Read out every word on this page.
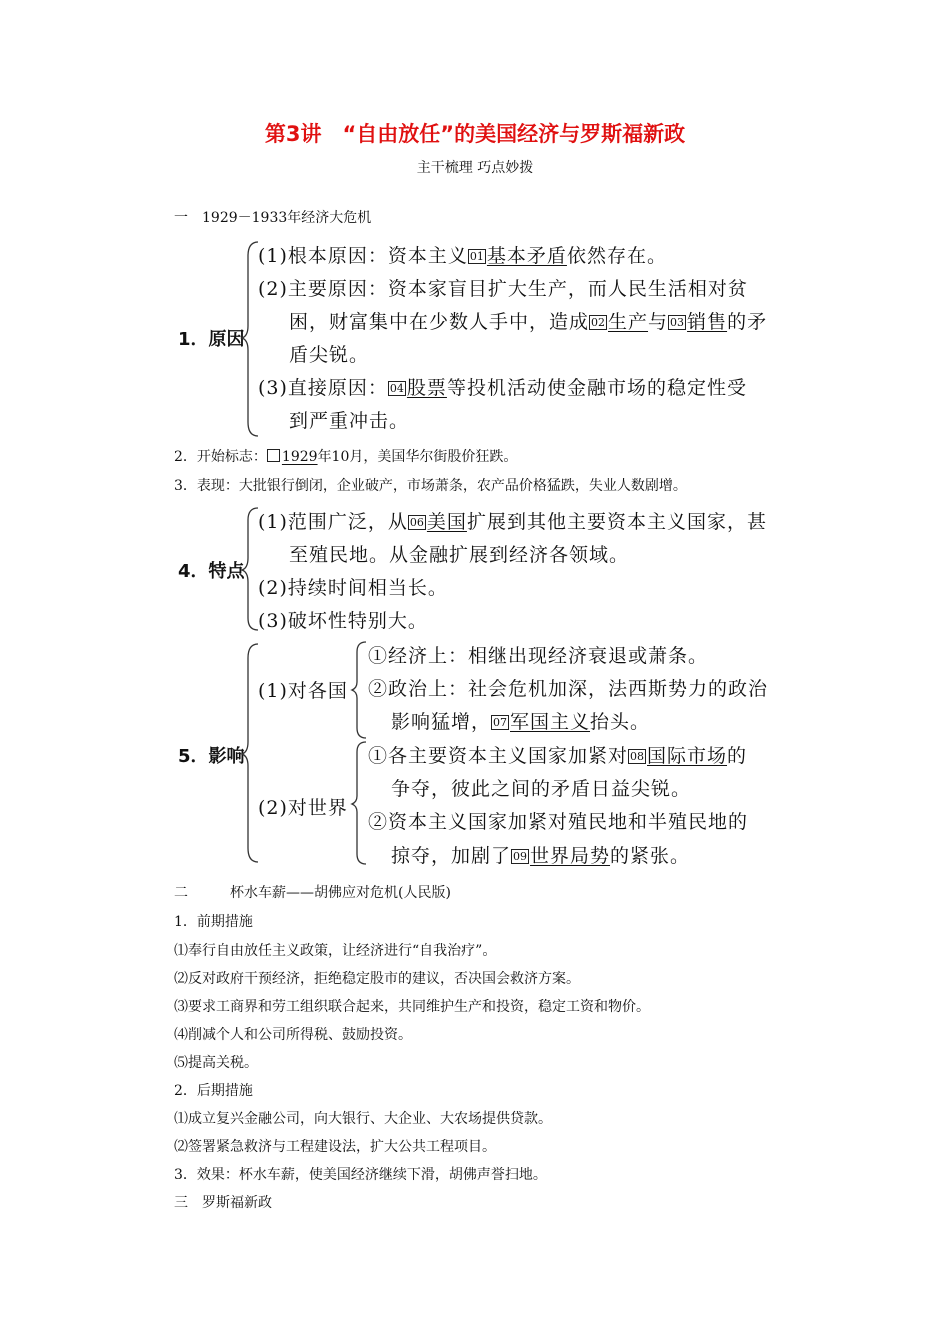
第3讲　“自由放任”的美国经济与罗斯福新政
主干梳理 巧点妙拨
一　1929－1933年经济大危机
1．原因
(1)根本原因：资本主义 01 基本矛盾依然存在。
(2)主要原因：资本家盲目扩大生产，而人民生活相对贫
困，财富集中在少数人手中，造成 02 生产与 03 销售的矛
盾尖锐。
(3)直接原因： 04 股票等投机活动使金融市场的稳定性受
到严重冲击。
2．开始标志： 1929年10月，美国华尔街股价狂跌。
3．表现：大批银行倒闭，企业破产，市场萧条，农产品价格猛跌，失业人数剧增。
4．特点
(1)范围广泛，从 06 美国扩展到其他主要资本主义国家，甚
至殖民地。从金融扩展到经济各领域。
(2)持续时间相当长。
(3)破坏性特别大。
5．影响
(1)对各国
①经济上：相继出现经济衰退或萧条。
②政治上：社会危机加深，法西斯势力的政治
影响猛增， 07 军国主义抬头。
(2)对世界
①各主要资本主义国家加紧对 08 国际市场的
争夺，彼此之间的矛盾日益尖锐。
②资本主义国家加紧对殖民地和半殖民地的
掠夺，加剧了 09 世界局势的紧张。
二　　　杯水车薪——胡佛应对危机(人民版)
1．前期措施
⑴奉行自由放任主义政策，让经济进行“自我治疗”。
⑵反对政府干预经济，拒绝稳定股市的建议，否决国会救济方案。
⑶要求工商界和劳工组织联合起来，共同维护生产和投资，稳定工资和物价。
⑷削减个人和公司所得税、鼓励投资。
⑸提高关税。
2．后期措施
⑴成立复兴金融公司，向大银行、大企业、大农场提供贷款。
⑵签署紧急救济与工程建设法，扩大公共工程项目。
3．效果：杯水车薪，使美国经济继续下滑，胡佛声誉扫地。
三　罗斯福新政
